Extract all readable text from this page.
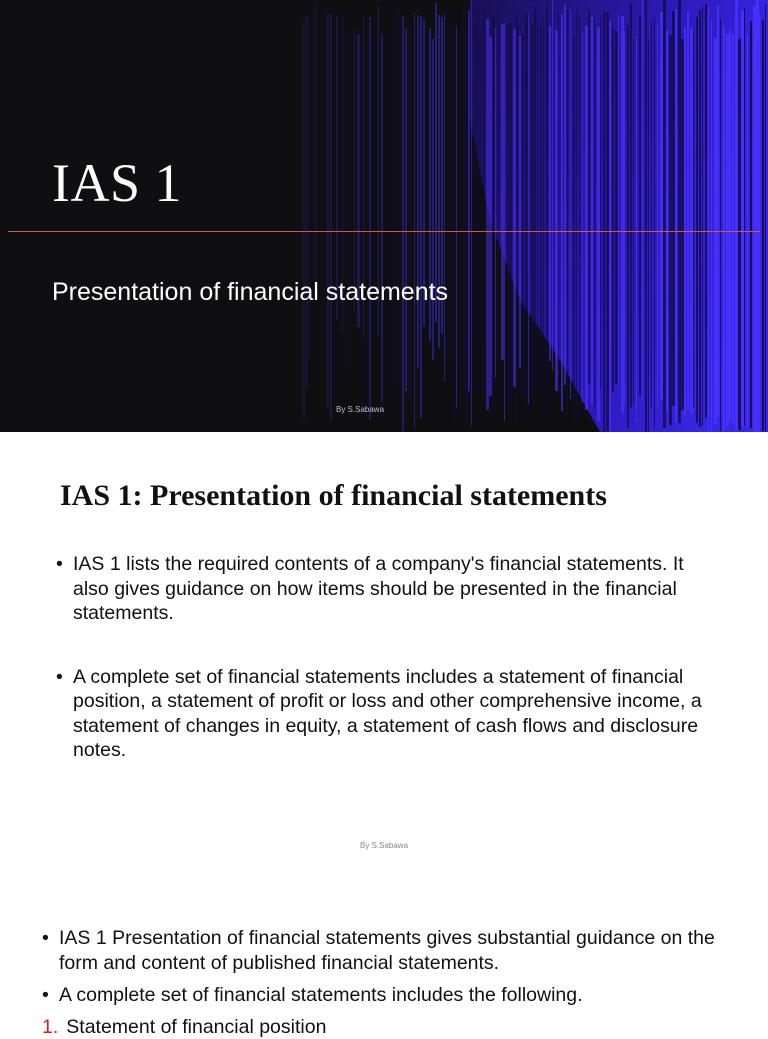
IAS 1
Presentation of financial statements
By S.Sabawa
IAS 1: Presentation of financial statements
• IAS 1 lists the required contents of a company's financial statements. It also gives guidance on how items should be presented in the financial statements.
• A complete set of financial statements includes a statement of financial position, a statement of profit or loss and other comprehensive income, a statement of changes in equity, a statement of cash flows and disclosure notes.
By S.Sabawa
• IAS 1 Presentation of financial statements gives substantial guidance on the form and content of published financial statements.
• A complete set of financial statements includes the following.
1. Statement of financial position
